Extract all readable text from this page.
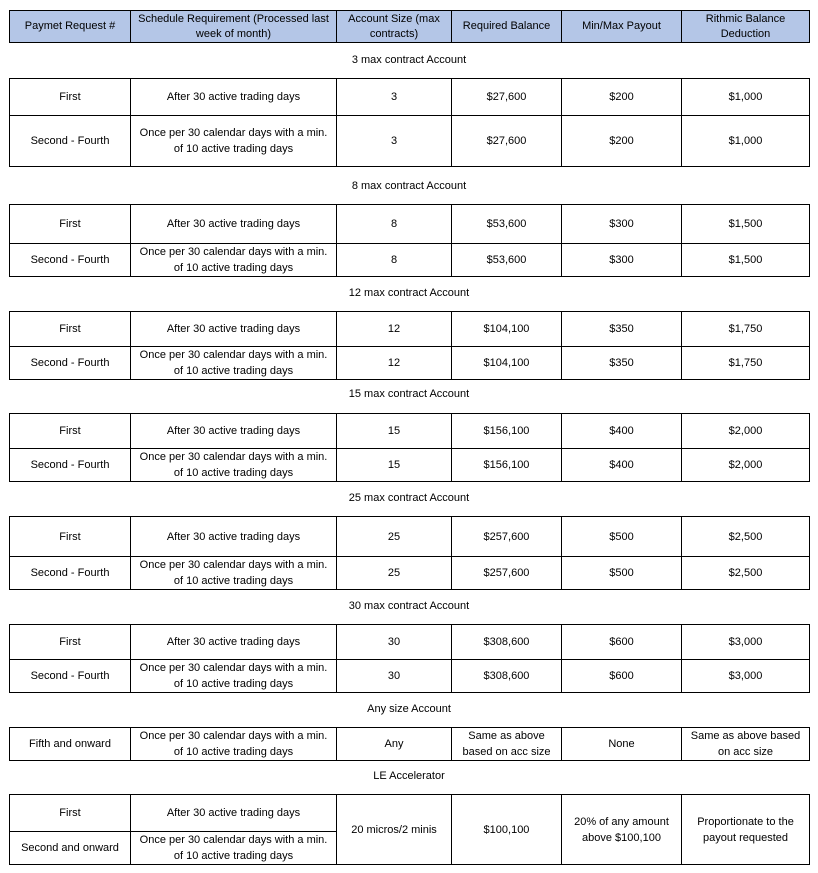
Paymet Request #	Schedule Requirement (Processed last week of month)	Account Size (max contracts)	Required Balance	Min/Max Payout	Rithmic Balance Deduction
3 max contract Account
First	After 30 active trading days	3	$27,600	$200	$1,000
Second - Fourth	Once per 30 calendar days with a min. of 10 active trading days	3	$27,600	$200	$1,000
8 max contract Account
First	After 30 active trading days	8	$53,600	$300	$1,500
Second - Fourth	Once per 30 calendar days with a min. of 10 active trading days	8	$53,600	$300	$1,500
12 max contract Account
First	After 30 active trading days	12	$104,100	$350	$1,750
Second - Fourth	Once per 30 calendar days with a min. of 10 active trading days	12	$104,100	$350	$1,750
15 max contract Account
First	After 30 active trading days	15	$156,100	$400	$2,000
Second - Fourth	Once per 30 calendar days with a min. of 10 active trading days	15	$156,100	$400	$2,000
25 max contract Account
First	After 30 active trading days	25	$257,600	$500	$2,500
Second - Fourth	Once per 30 calendar days with a min. of 10 active trading days	25	$257,600	$500	$2,500
30 max contract Account
First	After 30 active trading days	30	$308,600	$600	$3,000
Second - Fourth	Once per 30 calendar days with a min. of 10 active trading days	30	$308,600	$600	$3,000
Any size Account
Fifth and onward	Once per 30 calendar days with a min. of 10 active trading days	Any	Same as above based on acc size	None	Same as above based on acc size
LE Accelerator
First	After 30 active trading days	20 micros/2 minis	$100,100	20% of any amount above $100,100	Proportionate to the payout requested
Second and onward	Once per 30 calendar days with a min. of 10 active trading days				
